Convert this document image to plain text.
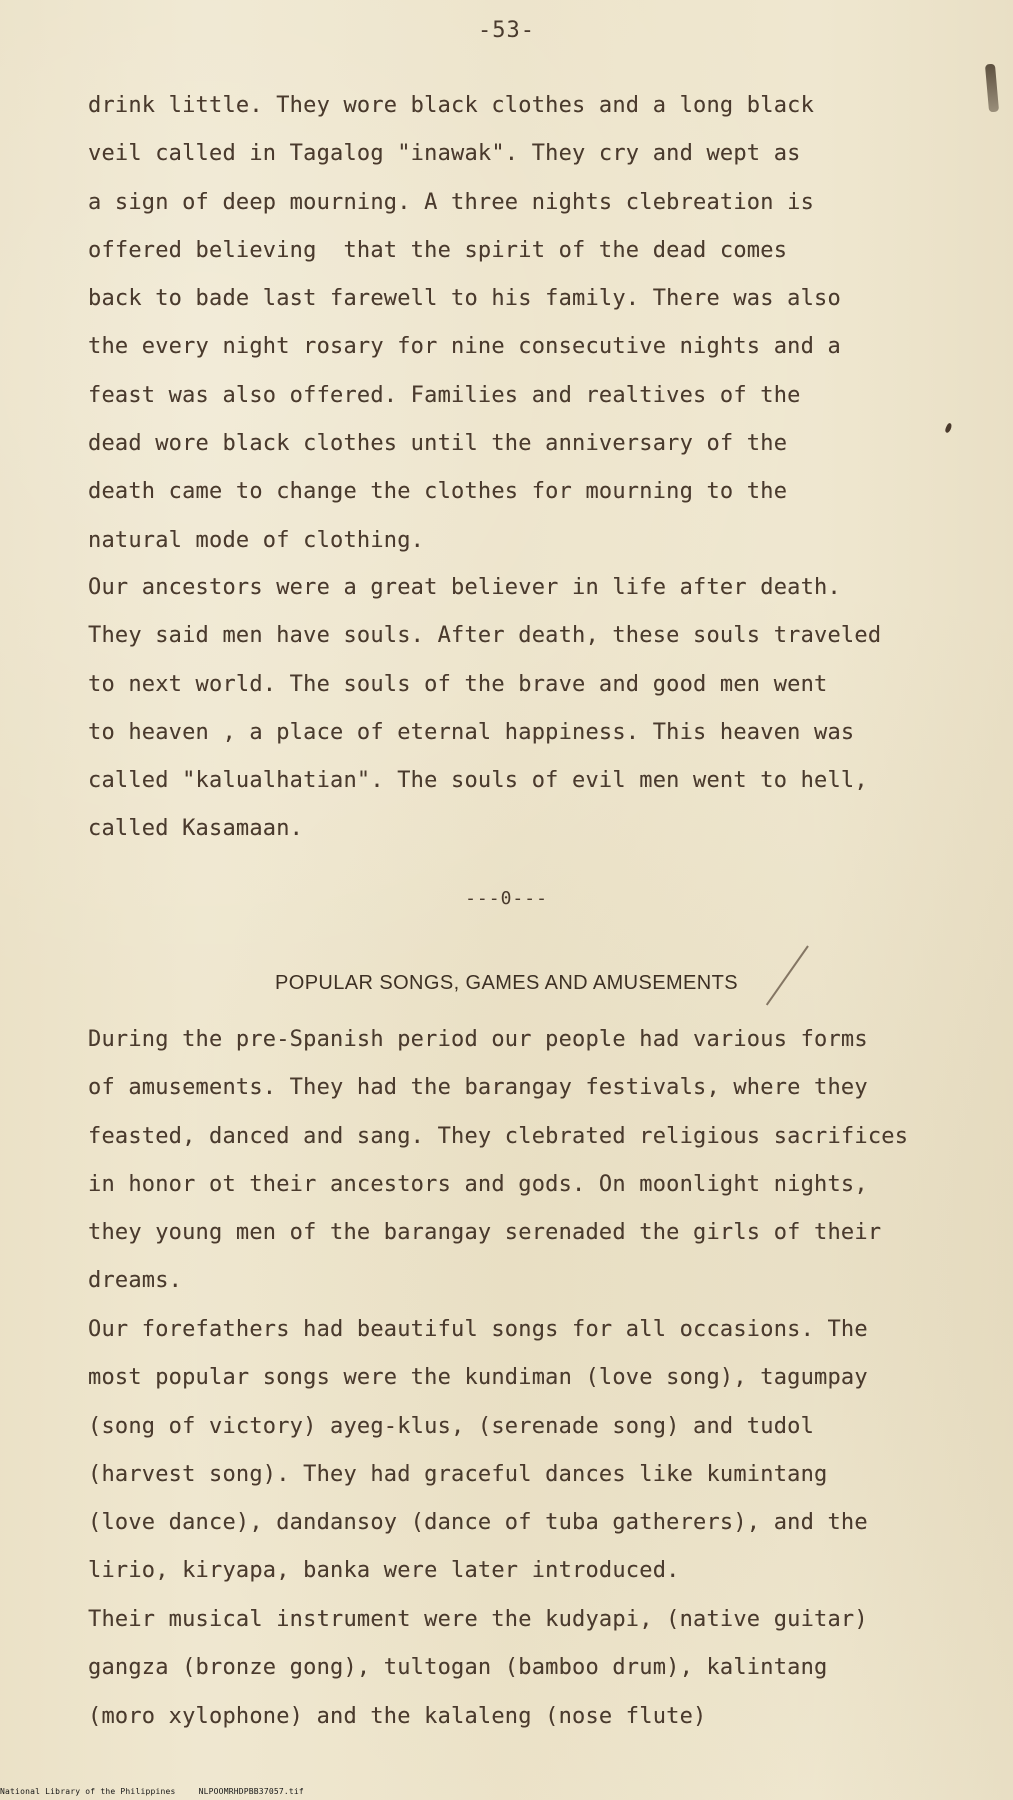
-53-

drink little. They wore black clothes and a long black
veil called in Tagalog "inawak". They cry and wept as
a sign of deep mourning. A three nights clebreation is
offered believing  that the spirit of the dead comes
back to bade last farewell to his family. There was also
the every night rosary for nine consecutive nights and a
feast was also offered. Families and realtives of the
dead wore black clothes until the anniversary of the
death came to change the clothes for mourning to the
natural mode of clothing.

Our ancestors were a great believer in life after death.
They said men have souls. After death, these souls traveled
to next world. The souls of the brave and good men went
to heaven , a place of eternal happiness. This heaven was
called "kalualhatian". The souls of evil men went to hell,
called Kasamaan.

---0---
POPULAR SONGS, GAMES AND AMUSEMENTS

During the pre-Spanish period our people had various forms
of amusements. They had the barangay festivals, where they
feasted, danced and sang. They clebrated religious sacrifices
in honor ot their ancestors and gods. On moonlight nights,
they young men of the barangay serenaded the girls of their
dreams.

Our forefathers had beautiful songs for all occasions. The
most popular songs were the kundiman (love song), tagumpay
(song of victory) ayeg-klus, (serenade song) and tudol
(harvest song). They had graceful dances like kumintang
(love dance), dandansoy (dance of tuba gatherers), and the
lirio, kiryapa, banka were later introduced.

Their musical instrument were the kudyapi, (native guitar)
gangza (bronze gong), tultogan (bamboo drum), kalintang
(moro xylophone) and the kalaleng (nose flute)

National Library of the Philippines	NLPOOMRHDPBB37057.tif
